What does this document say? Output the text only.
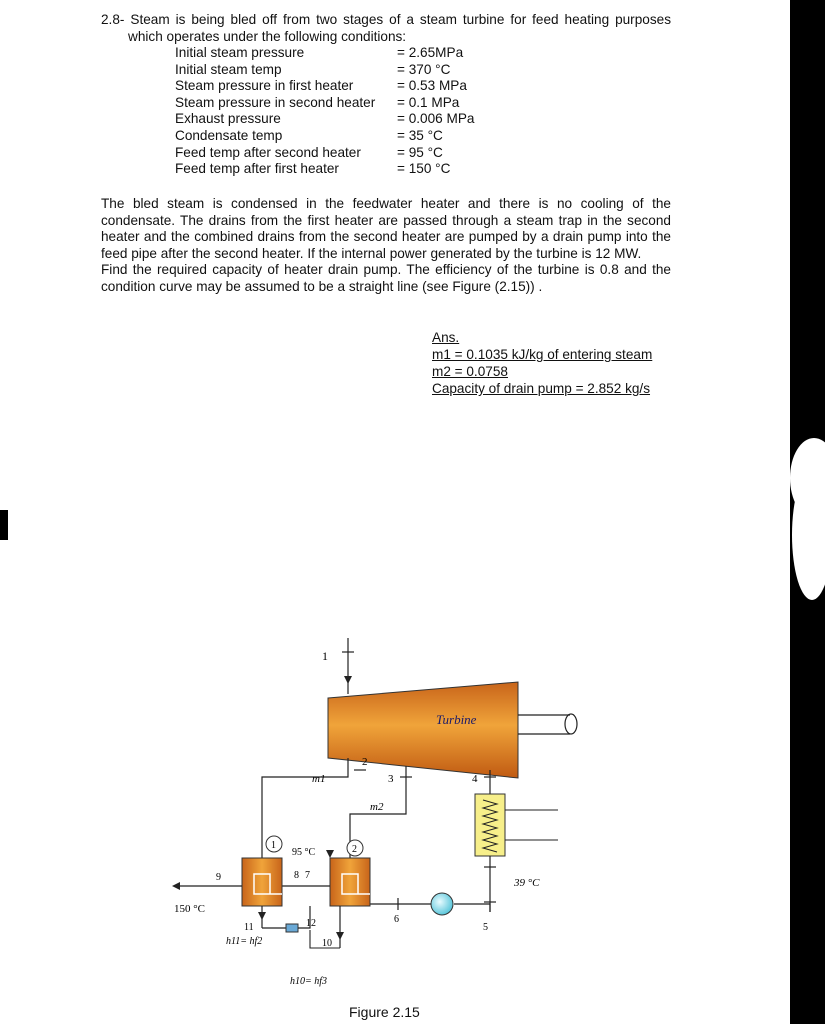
2.8- Steam is being bled off from two stages of a steam turbine for feed heating purposes which operates under the following conditions:
Initial steam pressure	= 2.65MPa
Initial steam temp	= 370 °C
Steam pressure in first heater	= 0.53 MPa
Steam pressure in second heater	= 0.1 MPa
Exhaust pressure	= 0.006 MPa
Condensate temp	= 35 °C
Feed temp after second heater	= 95 °C
Feed temp after first heater	= 150 °C

The bled steam is condensed in the feedwater heater and there is no cooling of the condensate. The drains from the first heater are passed through a steam trap in the second heater and the combined drains from the second heater are pumped by a drain pump into the feed pipe after the second heater. If the internal power generated by the turbine is 12 MW.

Find the required capacity of heater drain pump. The efficiency of the turbine is 0.8 and the condition curve may be assumed to be a straight line (see Figure (2.15)) .

Ans.
m1 = 0.1035 kJ/kg of entering steam
m2 = 0.0758
Capacity of drain pump = 2.852 kg/s
1
Turbine
2
m1	3
m2
4
39 °C
5
6
2
8 7
95 °C
1
9
150 °C
11	12
10
h11= hf2
h10= hf3
Figure 2.15
